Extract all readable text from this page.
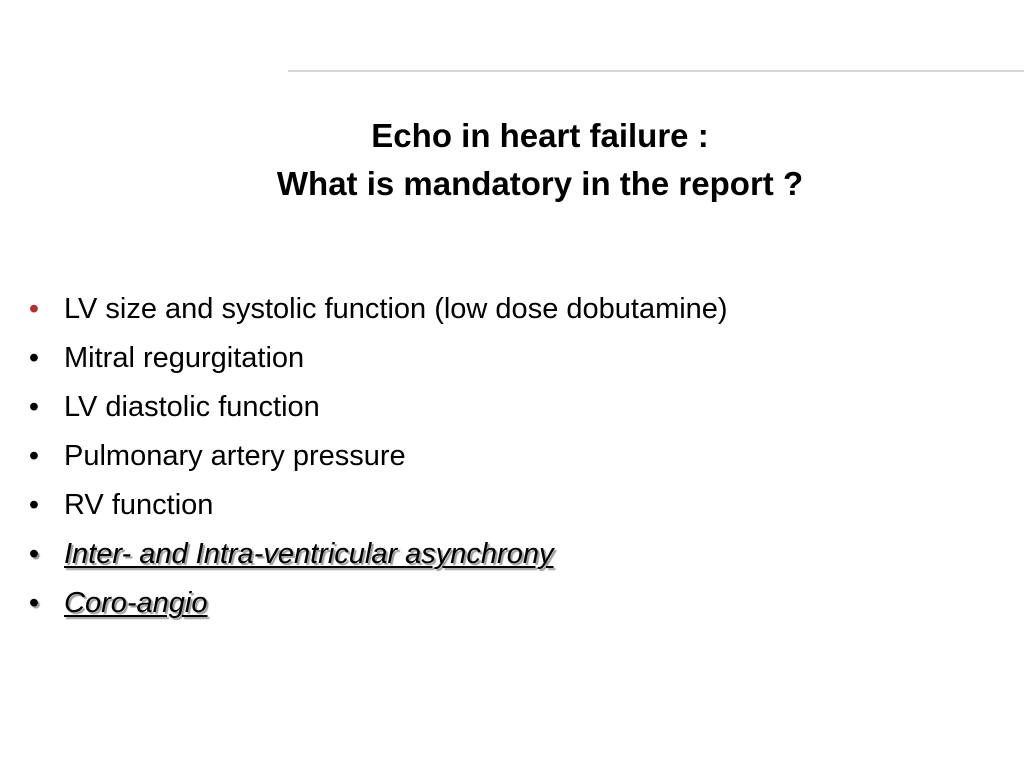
Echo in heart failure :
What is mandatory in the report ?
• LV size and systolic function (low dose dobutamine)
• Mitral regurgitation
• LV diastolic function
• Pulmonary artery pressure
• RV function
• Inter- and Intra-ventricular asynchrony
• Coro-angio
